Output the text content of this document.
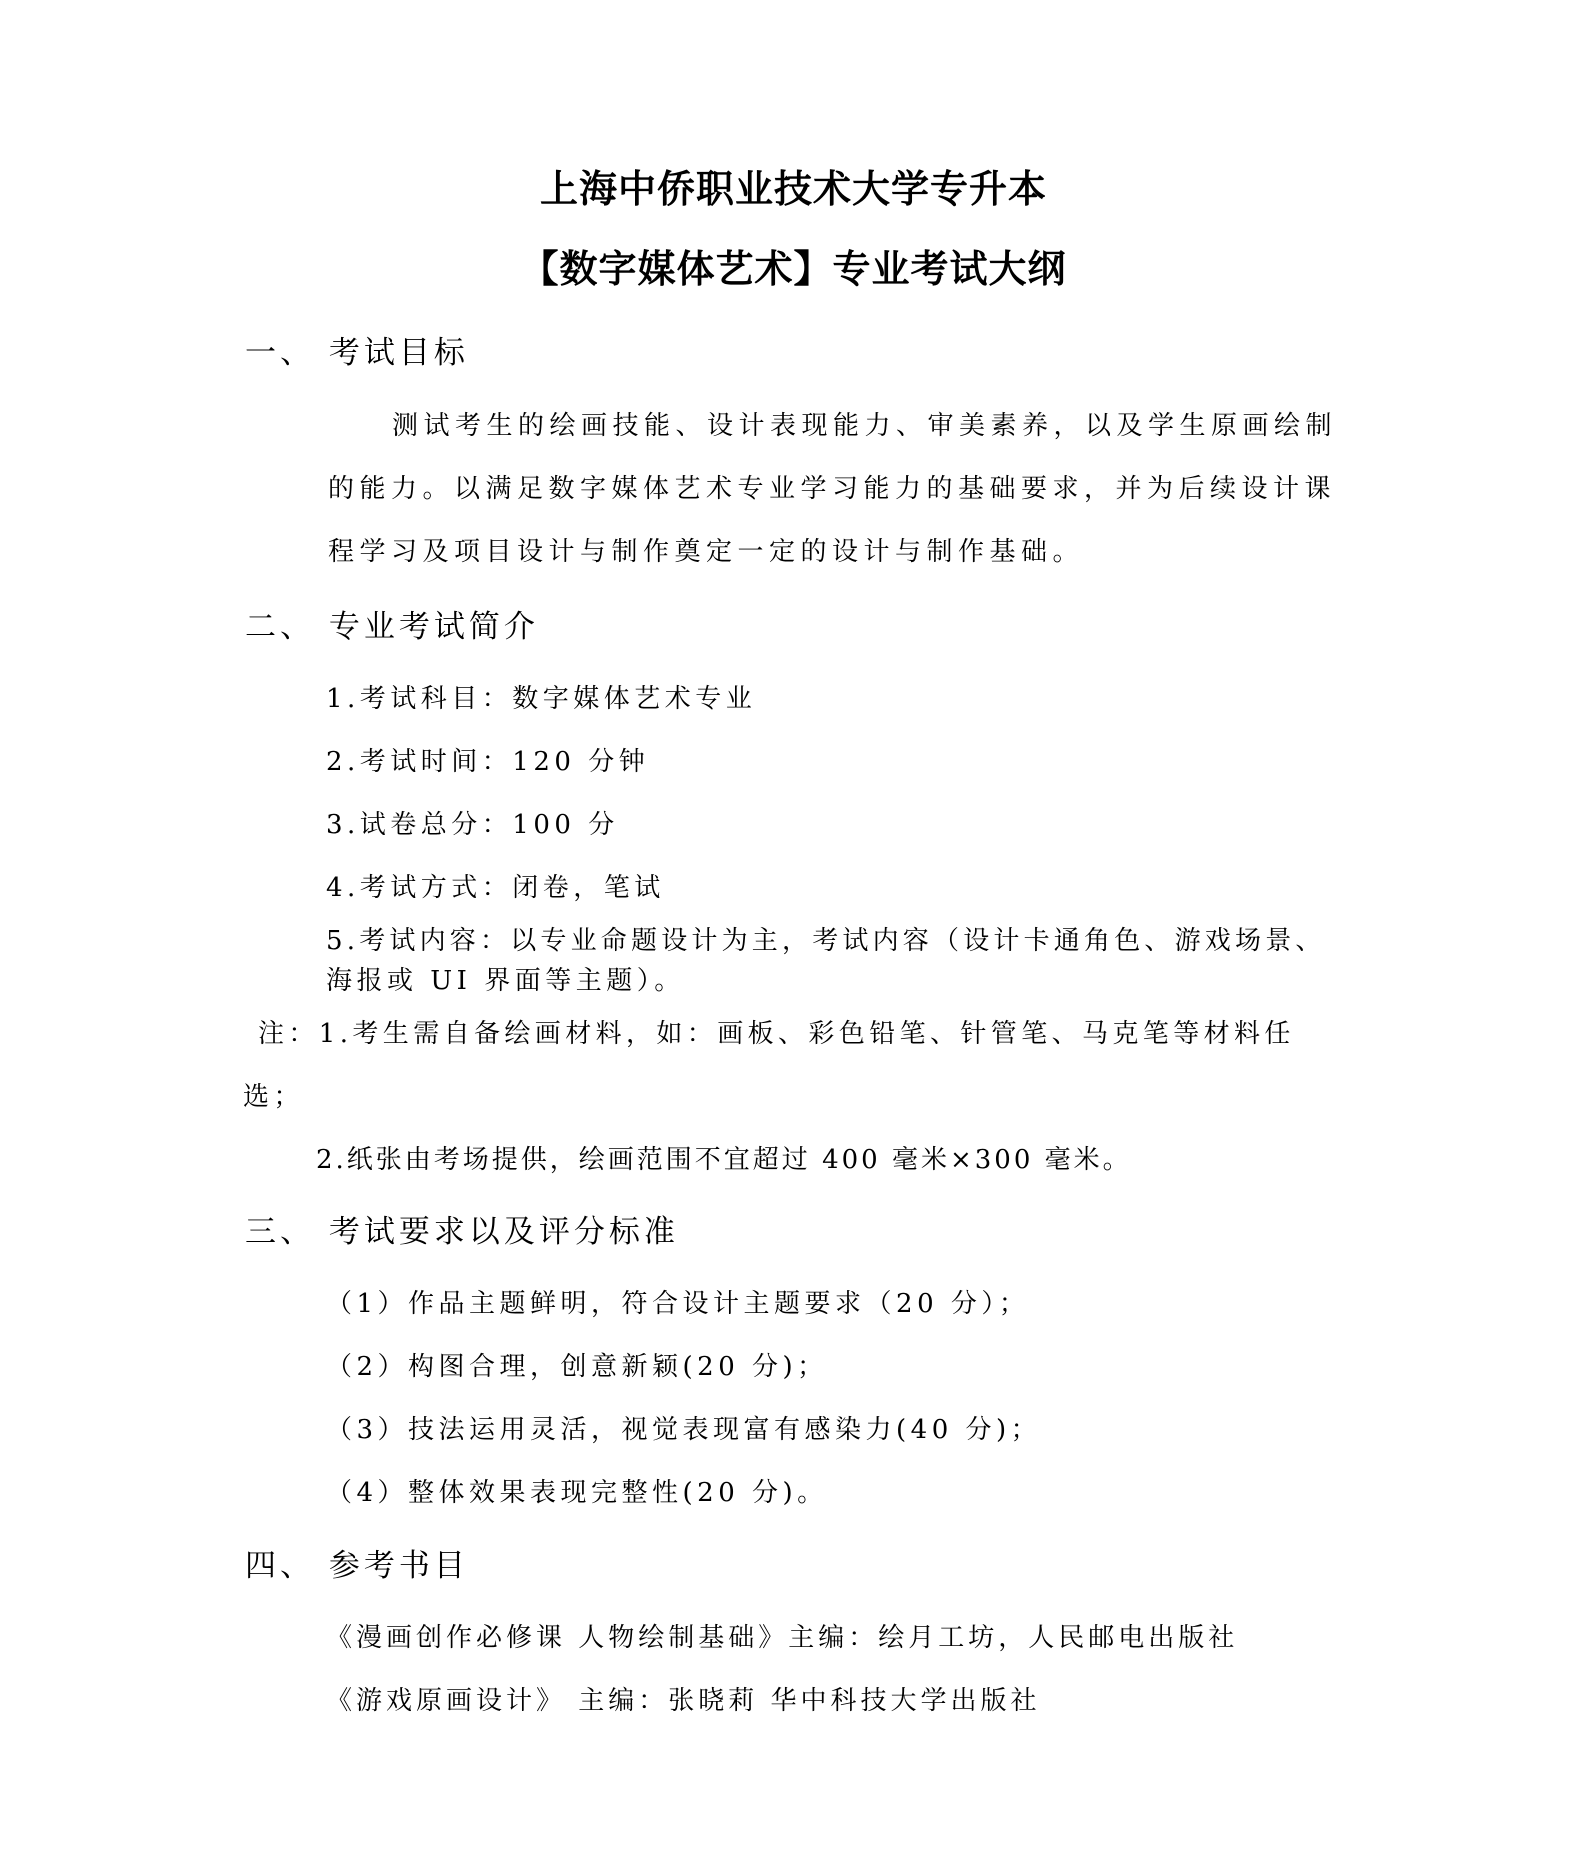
上海中侨职业技术大学专升本
【数字媒体艺术】专业考试大纲
一、 考试目标
测试考生的绘画技能、设计表现能力、审美素养，以及学生原画绘制
的能力。以满足数字媒体艺术专业学习能力的基础要求，并为后续设计课
程学习及项目设计与制作奠定一定的设计与制作基础。
二、 专业考试简介
1.考试科目：数字媒体艺术专业
2.考试时间：120 分钟
3.试卷总分：100 分
4.考试方式：闭卷，笔试
5.考试内容：以专业命题设计为主，考试内容（设计卡通角色、游戏场景、
海报或 UI 界面等主题）。
注：1.考生需自备绘画材料，如：画板、彩色铅笔、针管笔、马克笔等材料任
选；
2.纸张由考场提供，绘画范围不宜超过 400 毫米×300 毫米。
三、 考试要求以及评分标准
（1）作品主题鲜明，符合设计主题要求（20 分）；
（2）构图合理，创意新颖(20 分)；
（3）技法运用灵活，视觉表现富有感染力(40 分)；
（4）整体效果表现完整性(20 分)。
四、 参考书目
《漫画创作必修课 人物绘制基础》主编：绘月工坊，人民邮电出版社
《游戏原画设计》 主编：张晓莉 华中科技大学出版社
